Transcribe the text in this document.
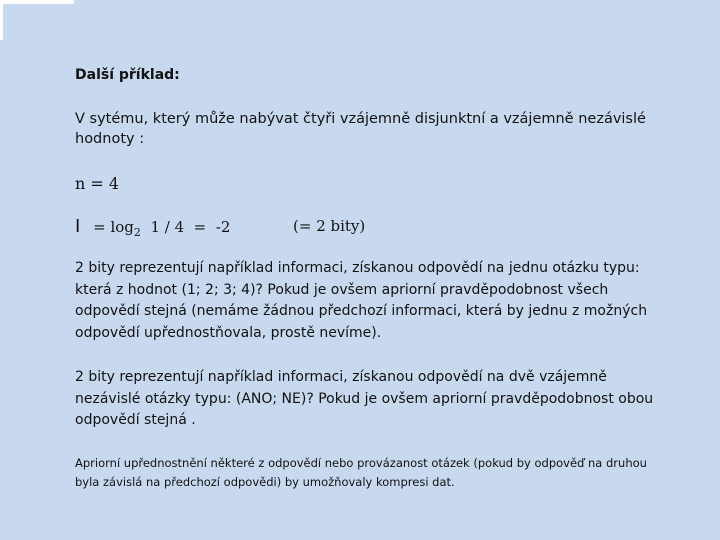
Další příklad:
V sytému, který může nabývat čtyři vzájemně disjunktní a vzájemně nezávislé hodnoty :
n = 4
$I = \log_2 1 / 4 = -2$	(= 2 bity)
2 bity reprezentují například informaci, získanou odpovědí na jednu otázku typu: která z hodnot (1; 2; 3; 4)? Pokud je ovšem apriorní pravděpodobnost všech odpovědí stejná (nemáme žádnou předchozí informaci, která by jednu z možných odpovědí upřednostňovala, prostě nevíme).
2 bity reprezentují například informaci, získanou odpovědí na dvě vzájemně nezávislé otázky typu: (ANO; NE)? Pokud je ovšem apriorní pravděpodobnost obou odpovědí stejná .
Apriorní upřednostnění některé z odpovědí nebo provázanost otázek (pokud by odpověď na druhou byla závislá na předchozí odpovědi) by umožňovaly kompresi dat.
